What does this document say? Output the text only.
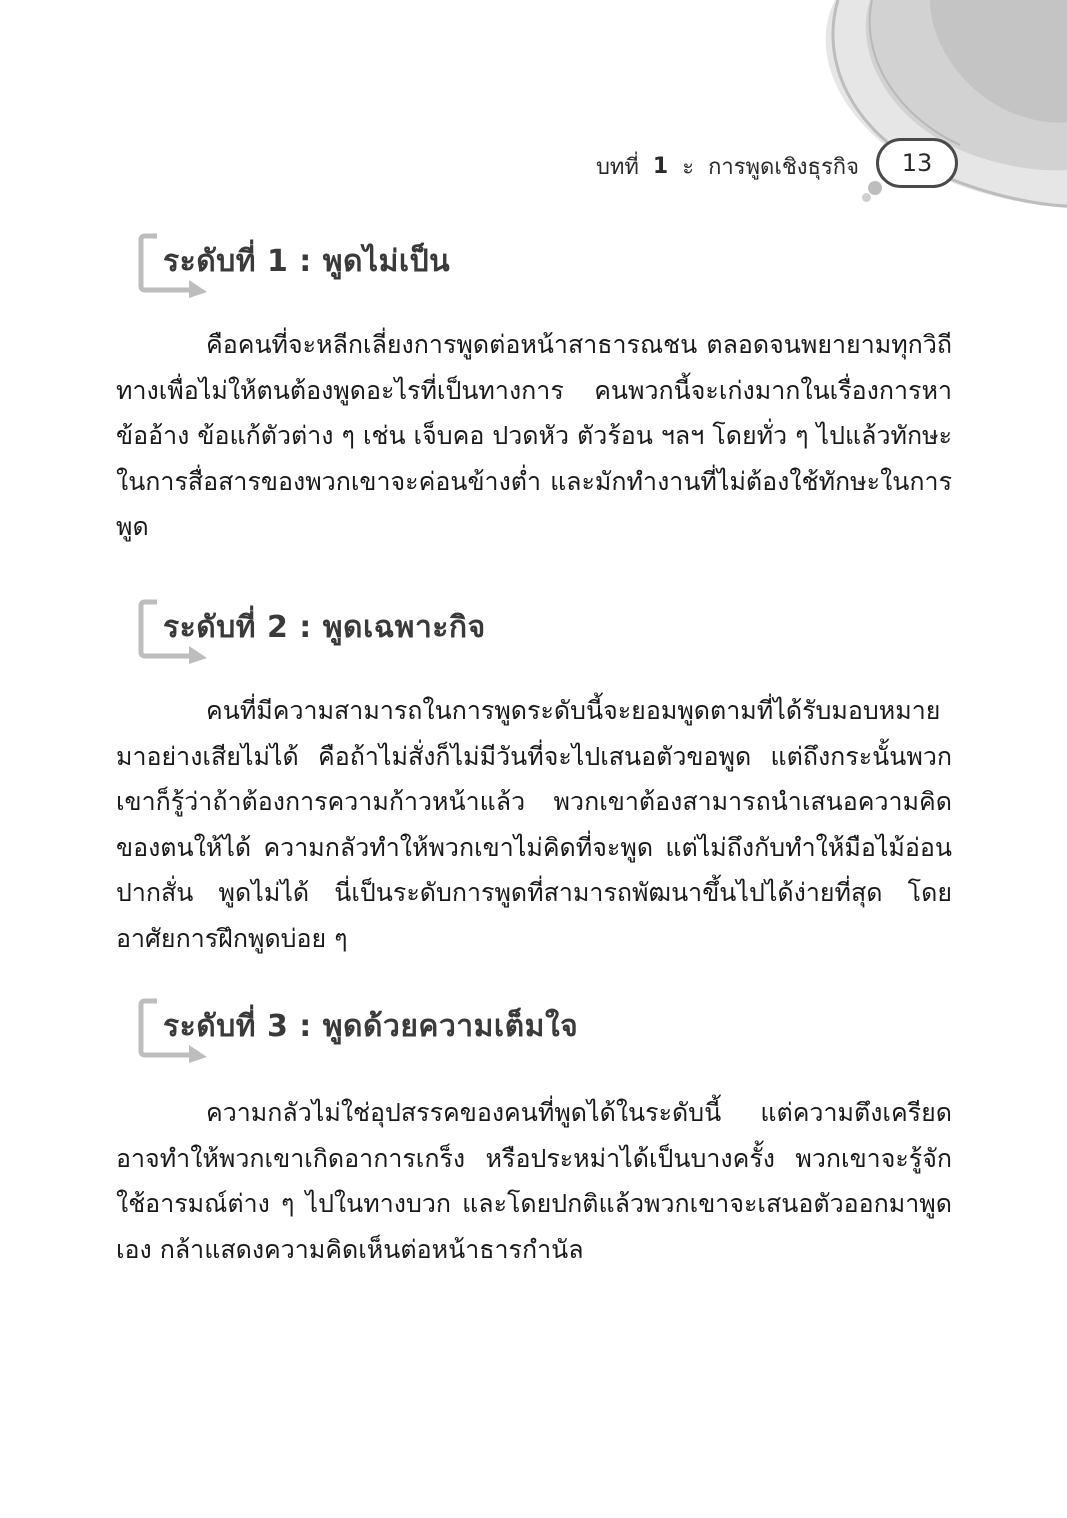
บทที่ 1 ะ การพูดเชิงธุรกิจ 13
ระดับที่ 1 : พูดไม่เป็น

คือคนที่จะหลีกเลี่ยงการพูดต่อหน้าสาธารณชน ตลอดจนพยายามทุกวิถีทางเพื่อไม่ให้ตนต้องพูดอะไรที่เป็นทางการ คนพวกนี้จะเก่งมากในเรื่องการหาข้ออ้าง ข้อแก้ตัวต่าง ๆ เช่น เจ็บคอ ปวดหัว ตัวร้อน ฯลฯ โดยทั่ว ๆ ไปแล้วทักษะในการสื่อสารของพวกเขาจะค่อนข้างต่ำ และมักทำงานที่ไม่ต้องใช้ทักษะในการพูด

ระดับที่ 2 : พูดเฉพาะกิจ

คนที่มีความสามารถในการพูดระดับนี้จะยอมพูดตามที่ได้รับมอบหมายมาอย่างเสียไม่ได้ คือถ้าไม่สั่งก็ไม่มีวันที่จะไปเสนอตัวขอพูด แต่ถึงกระนั้นพวกเขาก็รู้ว่าถ้าต้องการความก้าวหน้าแล้ว พวกเขาต้องสามารถนำเสนอความคิดของตนให้ได้ ความกลัวทำให้พวกเขาไม่คิดที่จะพูด แต่ไม่ถึงกับทำให้มือไม้อ่อน ปากสั่น พูดไม่ได้ นี่เป็นระดับการพูดที่สามารถพัฒนาขึ้นไปได้ง่ายที่สุด โดยอาศัยการฝึกพูดบ่อย ๆ

ระดับที่ 3 : พูดด้วยความเต็มใจ

ความกลัวไม่ใช่อุปสรรคของคนที่พูดได้ในระดับนี้ แต่ความตึงเครียดอาจทำให้พวกเขาเกิดอาการเกร็ง หรือประหม่าได้เป็นบางครั้ง พวกเขาจะรู้จักใช้อารมณ์ต่าง ๆ ไปในทางบวก และโดยปกติแล้วพวกเขาจะเสนอตัวออกมาพูดเอง กล้าแสดงความคิดเห็นต่อหน้าธารกำนัล
